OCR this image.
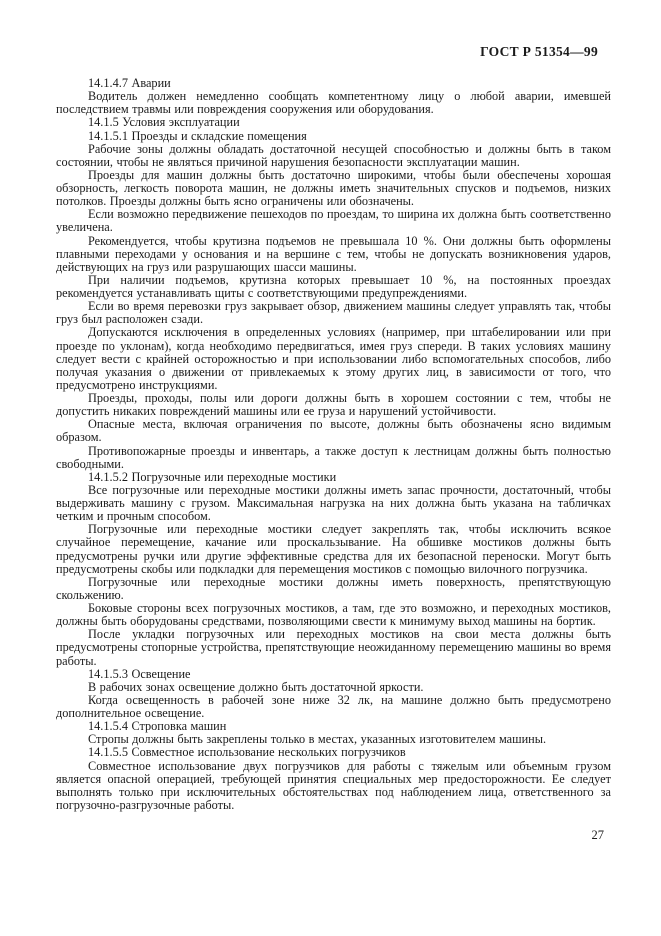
ГОСТ Р 51354—99

14.1.4.7 Аварии

Водитель должен немедленно сообщать компетентному лицу о любой аварии, имевшей последствием травмы или повреждения сооружения или оборудования.

14.1.5 Условия эксплуатации

14.1.5.1 Проезды и складские помещения

Рабочие зоны должны обладать достаточной несущей способностью и должны быть в таком состоянии, чтобы не являться причиной нарушения безопасности эксплуатации машин.

Проезды для машин должны быть достаточно широкими, чтобы были обеспечены хорошая обзорность, легкость поворота машин, не должны иметь значительных спусков и подъемов, низких потолков. Проезды должны быть ясно ограничены или обозначены.

Если возможно передвижение пешеходов по проездам, то ширина их должна быть соответственно увеличена.

Рекомендуется, чтобы крутизна подъемов не превышала 10 %. Они должны быть оформлены плавными переходами у основания и на вершине с тем, чтобы не допускать возникновения ударов, действующих на груз или разрушающих шасси машины.

При наличии подъемов, крутизна которых превышает 10 %, на постоянных проездах рекомендуется устанавливать щиты с соответствующими предупреждениями.

Если во время перевозки груз закрывает обзор, движением машины следует управлять так, чтобы груз был расположен сзади.

Допускаются исключения в определенных условиях (например, при штабелировании или при проезде по уклонам), когда необходимо передвигаться, имея груз спереди. В таких условиях машину следует вести с крайней осторожностью и при использовании либо вспомогательных способов, либо получая указания о движении от привлекаемых к этому других лиц, в зависимости от того, что предусмотрено инструкциями.

Проезды, проходы, полы или дороги должны быть в хорошем состоянии с тем, чтобы не допустить никаких повреждений машины или ее груза и нарушений устойчивости.

Опасные места, включая ограничения по высоте, должны быть обозначены ясно видимым образом.

Противопожарные проезды и инвентарь, а также доступ к лестницам должны быть полностью свободными.

14.1.5.2 Погрузочные или переходные мостики

Все погрузочные или переходные мостики должны иметь запас прочности, достаточный, чтобы выдерживать машину с грузом. Максимальная нагрузка на них должна быть указана на табличках четким и прочным способом.

Погрузочные или переходные мостики следует закреплять так, чтобы исключить всякое случайное перемещение, качание или проскальзывание. На обшивке мостиков должны быть предусмотрены ручки или другие эффективные средства для их безопасной переноски. Могут быть предусмотрены скобы или подкладки для перемещения мостиков с помощью вилочного погрузчика.

Погрузочные или переходные мостики должны иметь поверхность, препятствующую скольжению.

Боковые стороны всех погрузочных мостиков, а там, где это возможно, и переходных мостиков, должны быть оборудованы средствами, позволяющими свести к минимуму выход машины на бортик.

После укладки погрузочных или переходных мостиков на свои места должны быть предусмотрены стопорные устройства, препятствующие неожиданному перемещению машины во время работы.

14.1.5.3 Освещение

В рабочих зонах освещение должно быть достаточной яркости.

Когда освещенность в рабочей зоне ниже 32 лк, на машине должно быть предусмотрено дополнительное освещение.

14.1.5.4 Строповка машин

Стропы должны быть закреплены только в местах, указанных изготовителем машины.

14.1.5.5 Совместное использование нескольких погрузчиков

Совместное использование двух погрузчиков для работы с тяжелым или объемным грузом является опасной операцией, требующей принятия специальных мер предосторожности. Ее следует выполнять только при исключительных обстоятельствах под наблюдением лица, ответственного за погрузочно-разгрузочные работы.

27
